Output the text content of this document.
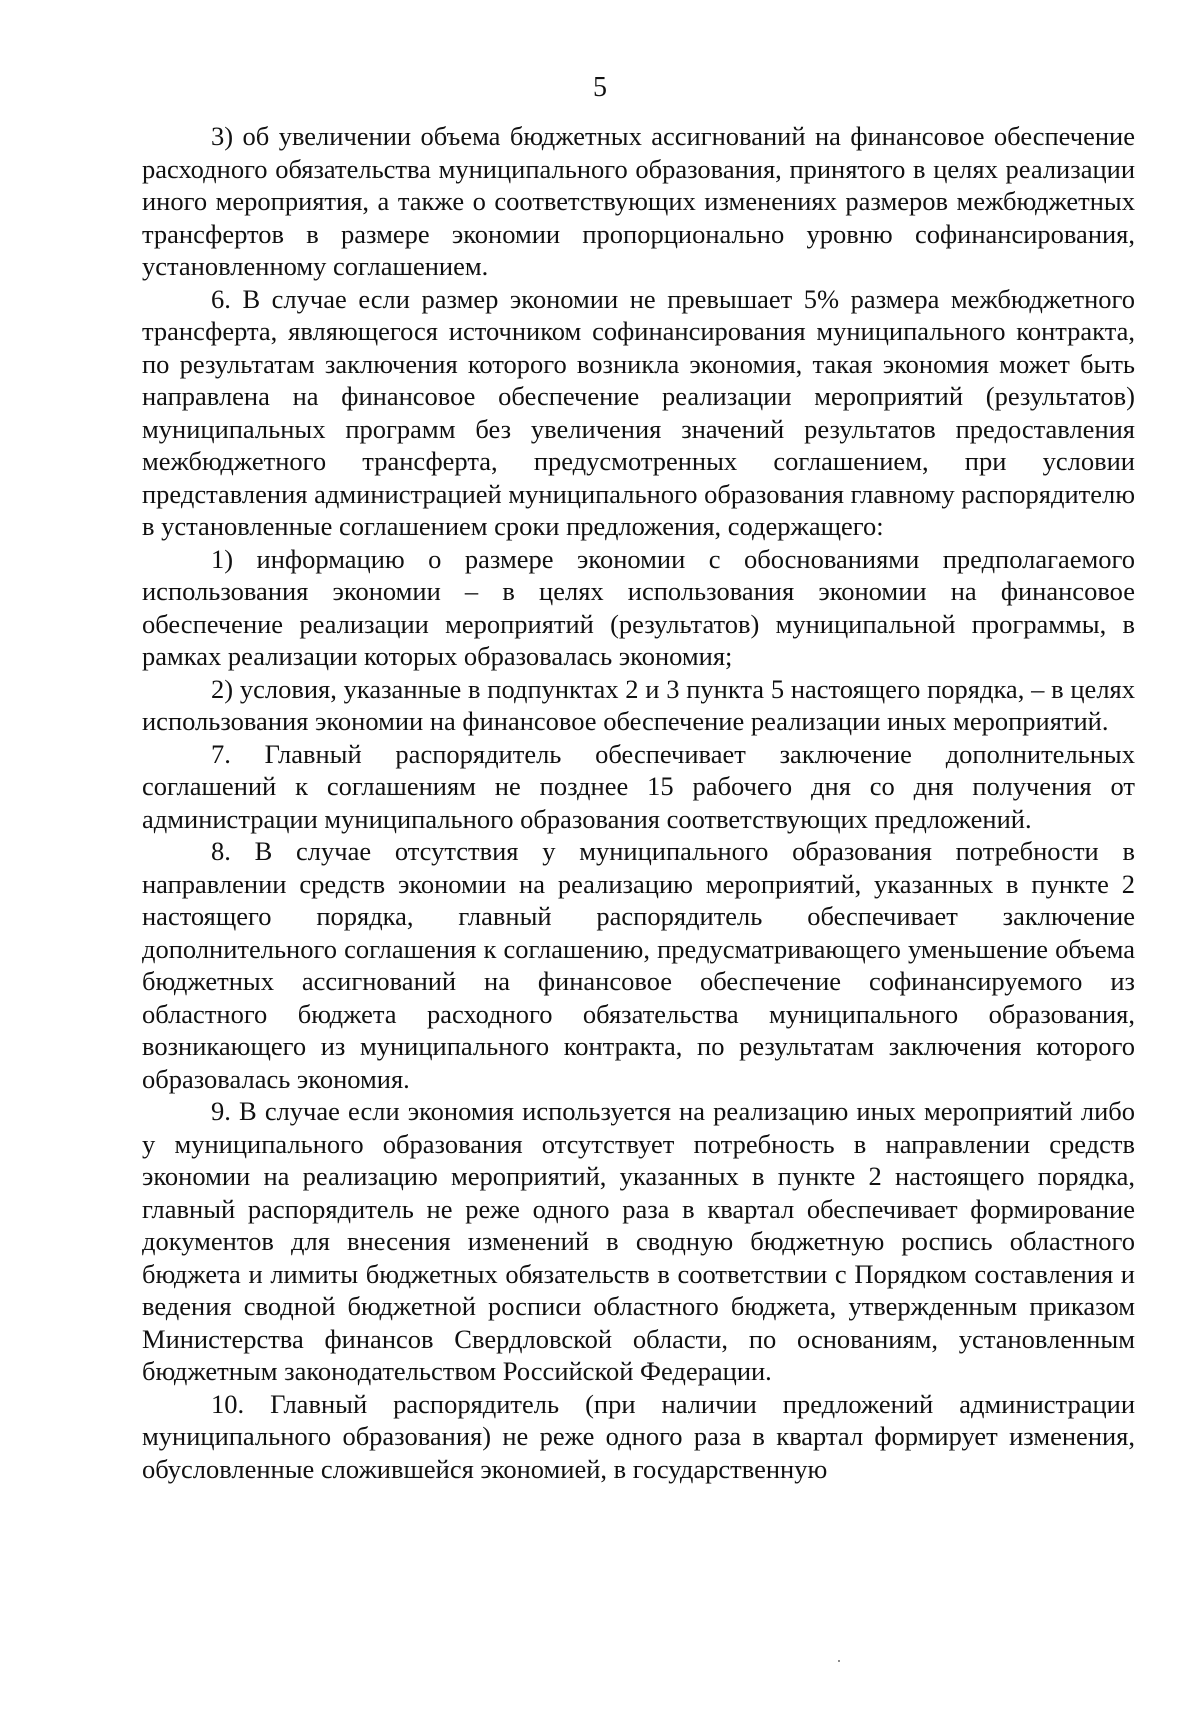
5

3) об увеличении объема бюджетных ассигнований на финансовое обеспечение расходного обязательства муниципального образования, принятого в целях реализации иного мероприятия, а также о соответствующих изменениях размеров межбюджетных трансфертов в размере экономии пропорционально уровню софинансирования, установленному соглашением.

6. В случае если размер экономии не превышает 5% размера межбюджетного трансферта, являющегося источником софинансирования муниципального контракта, по результатам заключения которого возникла экономия, такая экономия может быть направлена на финансовое обеспечение реализации мероприятий (результатов) муниципальных программ без увеличения значений результатов предоставления межбюджетного трансферта, предусмотренных соглашением, при условии представления администрацией муниципального образования главному распорядителю в установленные соглашением сроки предложения, содержащего:

1) информацию о размере экономии с обоснованиями предполагаемого использования экономии – в целях использования экономии на финансовое обеспечение реализации мероприятий (результатов) муниципальной программы, в рамках реализации которых образовалась экономия;

2) условия, указанные в подпунктах 2 и 3 пункта 5 настоящего порядка, – в целях использования экономии на финансовое обеспечение реализации иных мероприятий.

7. Главный распорядитель обеспечивает заключение дополнительных соглашений к соглашениям не позднее 15 рабочего дня со дня получения от администрации муниципального образования соответствующих предложений.

8. В случае отсутствия у муниципального образования потребности в направлении средств экономии на реализацию мероприятий, указанных в пункте 2 настоящего порядка, главный распорядитель обеспечивает заключение дополнительного соглашения к соглашению, предусматривающего уменьшение объема бюджетных ассигнований на финансовое обеспечение софинансируемого из областного бюджета расходного обязательства муниципального образования, возникающего из муниципального контракта, по результатам заключения которого образовалась экономия.

9. В случае если экономия используется на реализацию иных мероприятий либо у муниципального образования отсутствует потребность в направлении средств экономии на реализацию мероприятий, указанных в пункте 2 настоящего порядка, главный распорядитель не реже одного раза в квартал обеспечивает формирование документов для внесения изменений в сводную бюджетную роспись областного бюджета и лимиты бюджетных обязательств в соответствии с Порядком составления и ведения сводной бюджетной росписи областного бюджета, утвержденным приказом Министерства финансов Свердловской области, по основаниям, установленным бюджетным законодательством Российской Федерации.

10. Главный распорядитель (при наличии предложений администрации муниципального образования) не реже одного раза в квартал формирует изменения, обусловленные сложившейся экономией, в государственную
